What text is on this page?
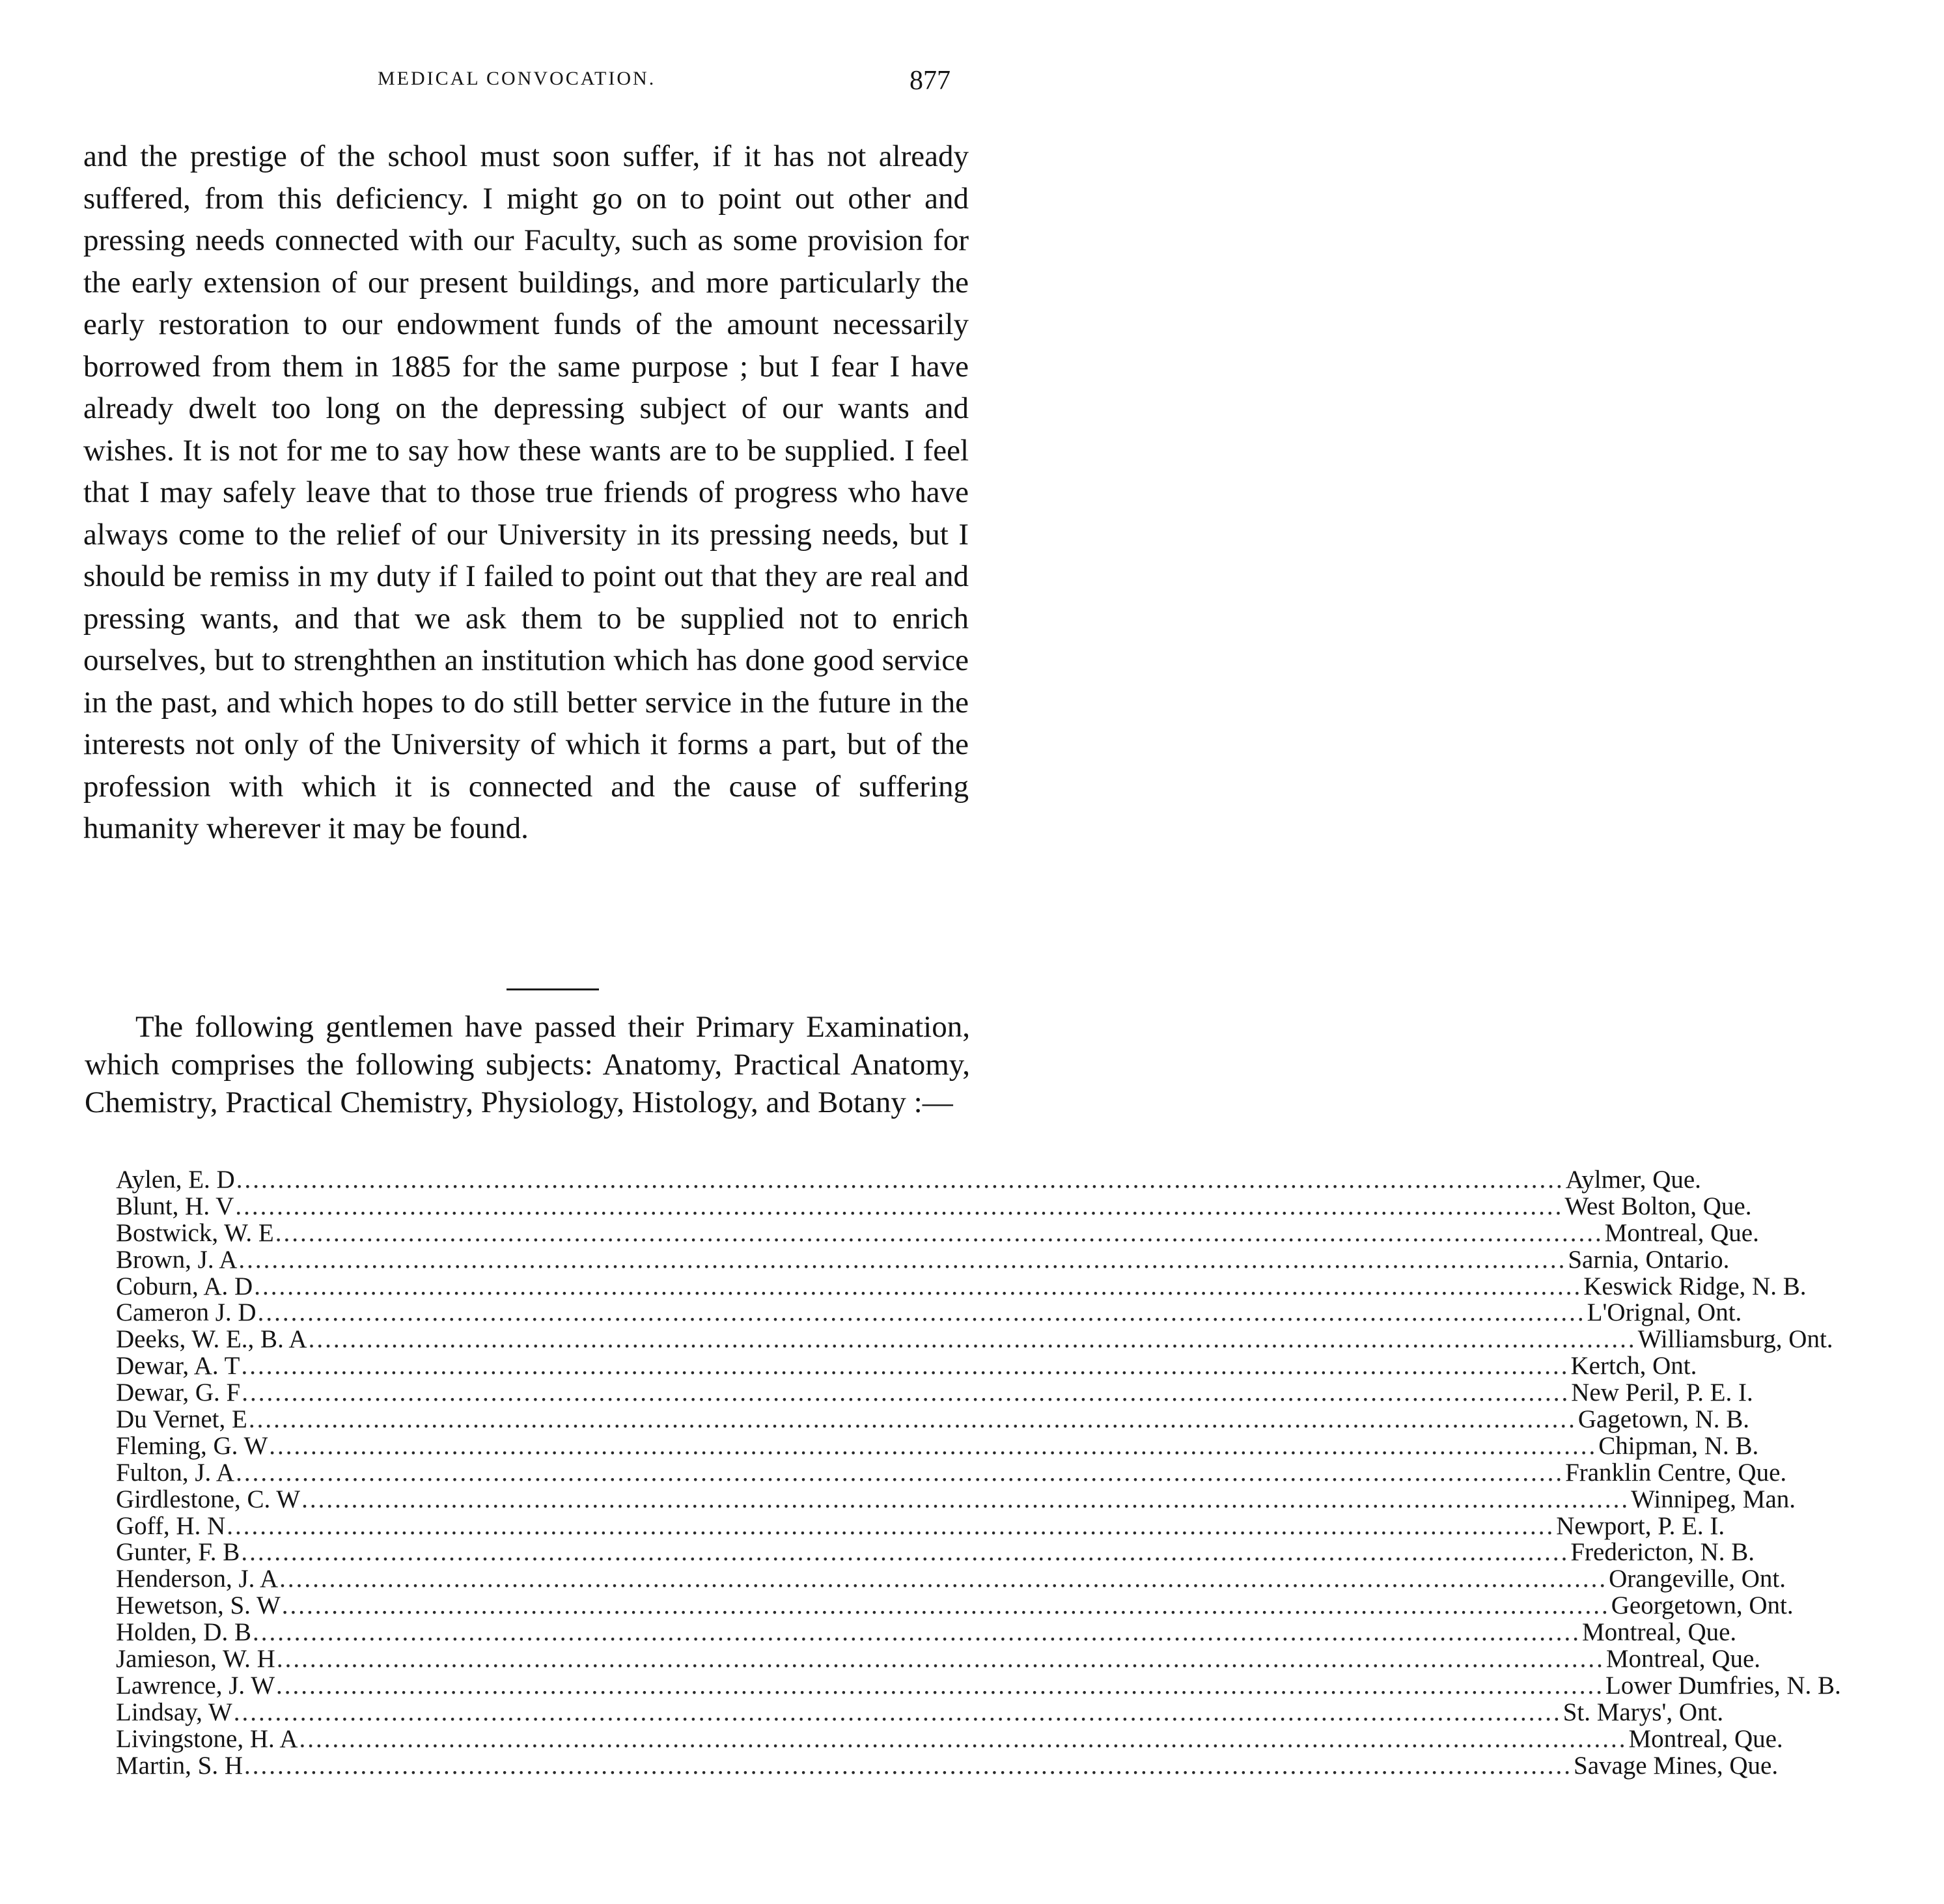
MEDICAL CONVOCATION.	877

and the prestige of the school must soon suffer, if it has not already suffered, from this deficiency. I might go on to point out other and pressing needs connected with our Faculty, such as some provision for the early extension of our present buildings, and more particularly the early restoration to our endowment funds of the amount necessarily borrowed from them in 1885 for the same purpose ; but I fear I have already dwelt too long on the depressing subject of our wants and wishes. It is not for me to say how these wants are to be supplied. I feel that I may safely leave that to those true friends of progress who have always come to the relief of our University in its pressing needs, but I should be remiss in my duty if I failed to point out that they are real and pressing wants, and that we ask them to be supplied not to enrich ourselves, but to strenghthen an institution which has done good service in the past, and which hopes to do still better service in the future in the interests not only of the University of which it forms a part, but of the profession with which it is connected and the cause of suffering humanity wherever it may be found.

The following gentlemen have passed their Primary Examination, which comprises the following subjects: Anatomy, Practical Anatomy, Chemistry, Practical Chemistry, Physiology, Histology, and Botany :—

Aylen, E. D ................................................................................................................................................................ Aylmer, Que.
Blunt, H. V ................................................................................................................................................................ West Bolton, Que.
Bostwick, W. E ................................................................................................................................................................ Montreal, Que.
Brown, J. A ................................................................................................................................................................ Sarnia, Ontario.
Coburn, A. D ................................................................................................................................................................ Keswick Ridge, N. B.
Cameron J. D ................................................................................................................................................................ L'Orignal, Ont.
Deeks, W. E., B. A ................................................................................................................................................................ Williamsburg, Ont.
Dewar, A. T ................................................................................................................................................................ Kertch, Ont.
Dewar, G. F ................................................................................................................................................................ New Peril, P. E. I.
Du Vernet, E ................................................................................................................................................................ Gagetown, N. B.
Fleming, G. W ................................................................................................................................................................ Chipman, N. B.
Fulton, J. A ................................................................................................................................................................ Franklin Centre, Que.
Girdlestone, C. W ................................................................................................................................................................ Winnipeg, Man.
Goff, H. N ................................................................................................................................................................ Newport, P. E. I.
Gunter, F. B ................................................................................................................................................................ Fredericton, N. B.
Henderson, J. A ................................................................................................................................................................ Orangeville, Ont.
Hewetson, S. W ................................................................................................................................................................ Georgetown, Ont.
Holden, D. B ................................................................................................................................................................ Montreal, Que.
Jamieson, W. H ................................................................................................................................................................ Montreal, Que.
Lawrence, J. W ................................................................................................................................................................ Lower Dumfries, N. B.
Lindsay, W ................................................................................................................................................................ St. Marys', Ont.
Livingstone, H. A ................................................................................................................................................................ Montreal, Que.
Martin, S. H ................................................................................................................................................................ Savage Mines, Que.
